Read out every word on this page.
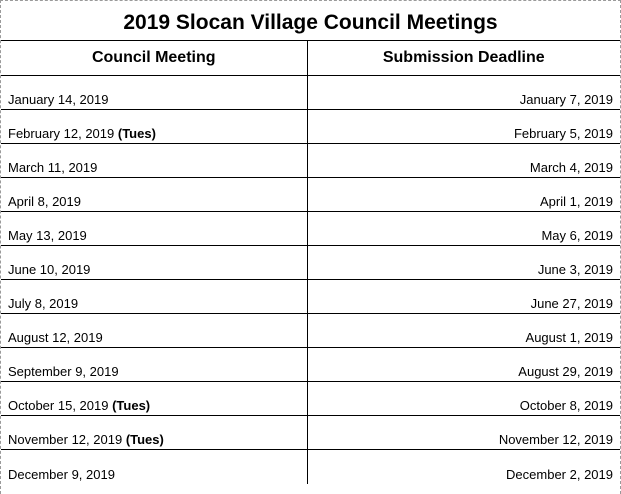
2019 Slocan Village Council Meetings
Council Meeting	Submission Deadline
January 14, 2019	January 7, 2019
February 12, 2019 (Tues)	February 5, 2019
March 11, 2019	March 4, 2019
April 8, 2019	April 1, 2019
May 13, 2019	May 6, 2019
June 10, 2019	June 3, 2019
July 8, 2019	June 27, 2019
August 12, 2019	August 1, 2019
September 9, 2019	August 29, 2019
October 15, 2019 (Tues)	October 8, 2019
November 12, 2019 (Tues)	November 12, 2019
December 9, 2019	December 2, 2019
